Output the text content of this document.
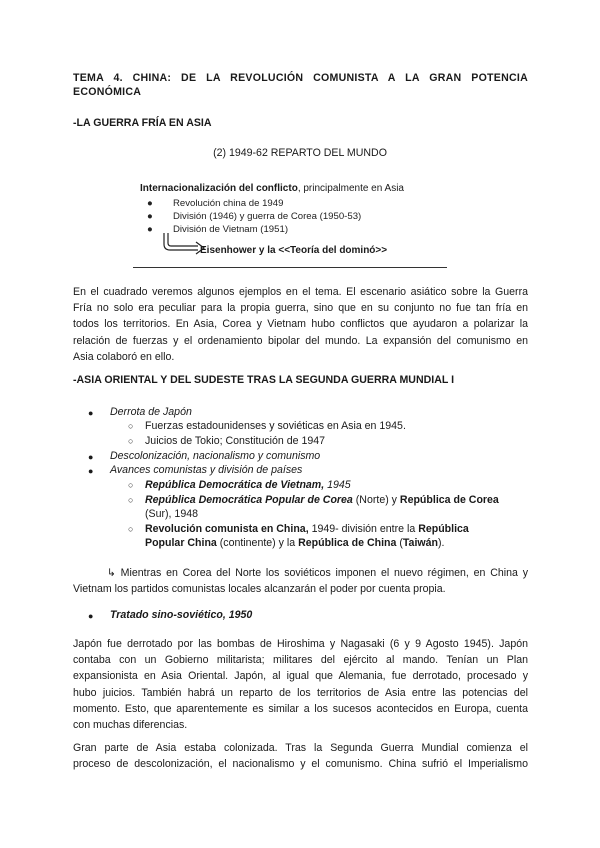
TEMA 4. CHINA: DE LA REVOLUCIÓN COMUNISTA A LA GRAN POTENCIA
ECONÓMICA
-LA GUERRA FRÍA EN ASIA
(2) 1949-62 REPARTO DEL MUNDO
Internacionalización del conflicto, principalmente en Asia
● Revolución china de 1949
● División (1946) y guerra de Corea (1950-53)
● División de Vietnam (1951)
Eisenhower y la <<Teoría del dominó>>
En el cuadrado veremos algunos ejemplos en el tema. El escenario asiático sobre la Guerra
Fría no solo era peculiar para la propia guerra, sino que en su conjunto no fue tan fría en
todos los territorios. En Asia, Corea y Vietnam hubo conflictos que ayudaron a polarizar la
relación de fuerzas y el ordenamiento bipolar del mundo. La expansión del comunismo en
Asia colaboró en ello.
-ASIA ORIENTAL Y DEL SUDESTE TRAS LA SEGUNDA GUERRA MUNDIAL I
● Derrota de Japón
○ Fuerzas estadounidenses y soviéticas en Asia en 1945.
○ Juicios de Tokio; Constitución de 1947
● Descolonización, nacionalismo y comunismo
● Avances comunistas y división de países
○ República Democrática de Vietnam, 1945
○ República Democrática Popular de Corea (Norte) y República de Corea
(Sur), 1948
○ Revolución comunista en China, 1949- división entre la República
Popular China (continente) y la República de China (Taiwán).
↳ Mientras en Corea del Norte los soviéticos imponen el nuevo régimen, en China y
Vietnam los partidos comunistas locales alcanzarán el poder por cuenta propia.
● Tratado sino-soviético, 1950
Japón fue derrotado por las bombas de Hiroshima y Nagasaki (6 y 9 Agosto 1945). Japón
contaba con un Gobierno militarista; militares del ejército al mando. Tenían un Plan
expansionista en Asia Oriental. Japón, al igual que Alemania, fue derrotado, procesado y
hubo juicios. También habrá un reparto de los territorios de Asia entre las potencias del
momento. Esto, que aparentemente es similar a los sucesos acontecidos en Europa, cuenta
con muchas diferencias.
Gran parte de Asia estaba colonizada. Tras la Segunda Guerra Mundial comienza el
proceso de descolonización, el nacionalismo y el comunismo. China sufrió el Imperialismo
